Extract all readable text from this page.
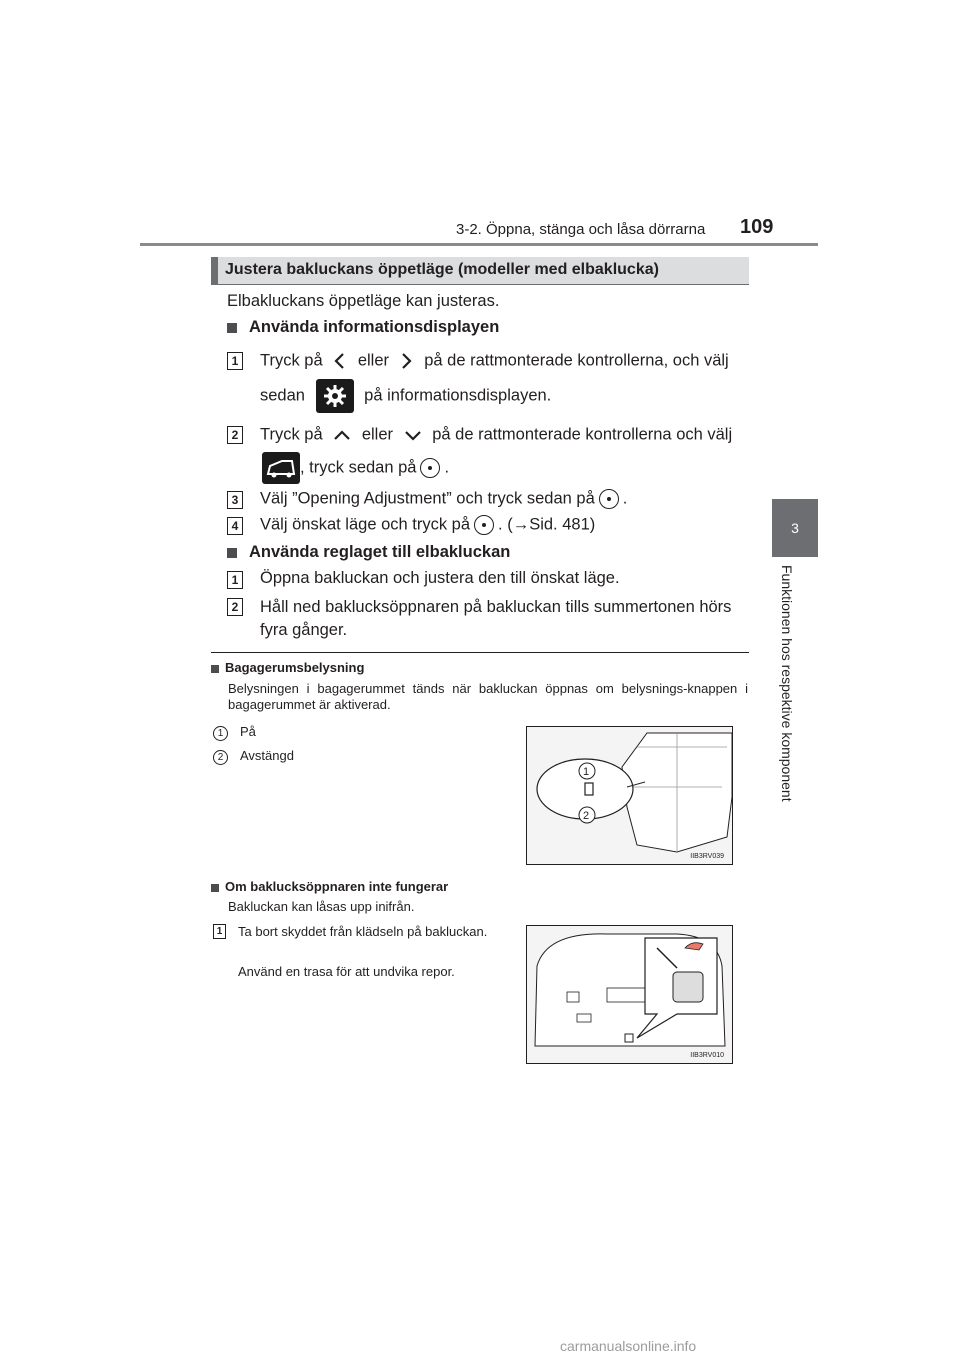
3-2. Öppna, stänga och låsa dörrarna 109
3
Funktionen hos respektive komponent
Justera bakluckans öppetläge (modeller med elbaklucka)
Elbakluckans öppetläge kan justeras.
Använda informationsdisplayen
1 Tryck på eller på de rattmonterade kontrollerna, och välj
sedan	på informationsdisplayen.
2 Tryck på eller på de rattmonterade kontrollerna och välj
, tryck sedan på .
3 Välj ”Opening Adjustment” och tryck sedan på .
4 Välj önskat läge och tryck på . (→Sid. 481)
Använda reglaget till elbakluckan
1 Öppna bakluckan och justera den till önskat läge.
2 Håll ned baklucksöppnaren på bakluckan tills summertonen hörs fyra gånger.
Bagagerumsbelysning
Belysningen i bagagerummet tänds när bakluckan öppnas om belysnings-knappen i bagagerummet är aktiverad.
1 På
2 Avstängd
1
2
IIB3RV039
Om baklucksöppnaren inte fungerar
Bakluckan kan låsas upp inifrån.
1 Ta bort skyddet från klädseln på bakluckan.
Använd en trasa för att undvika repor.
IIB3RV010
carmanualsonline.info
